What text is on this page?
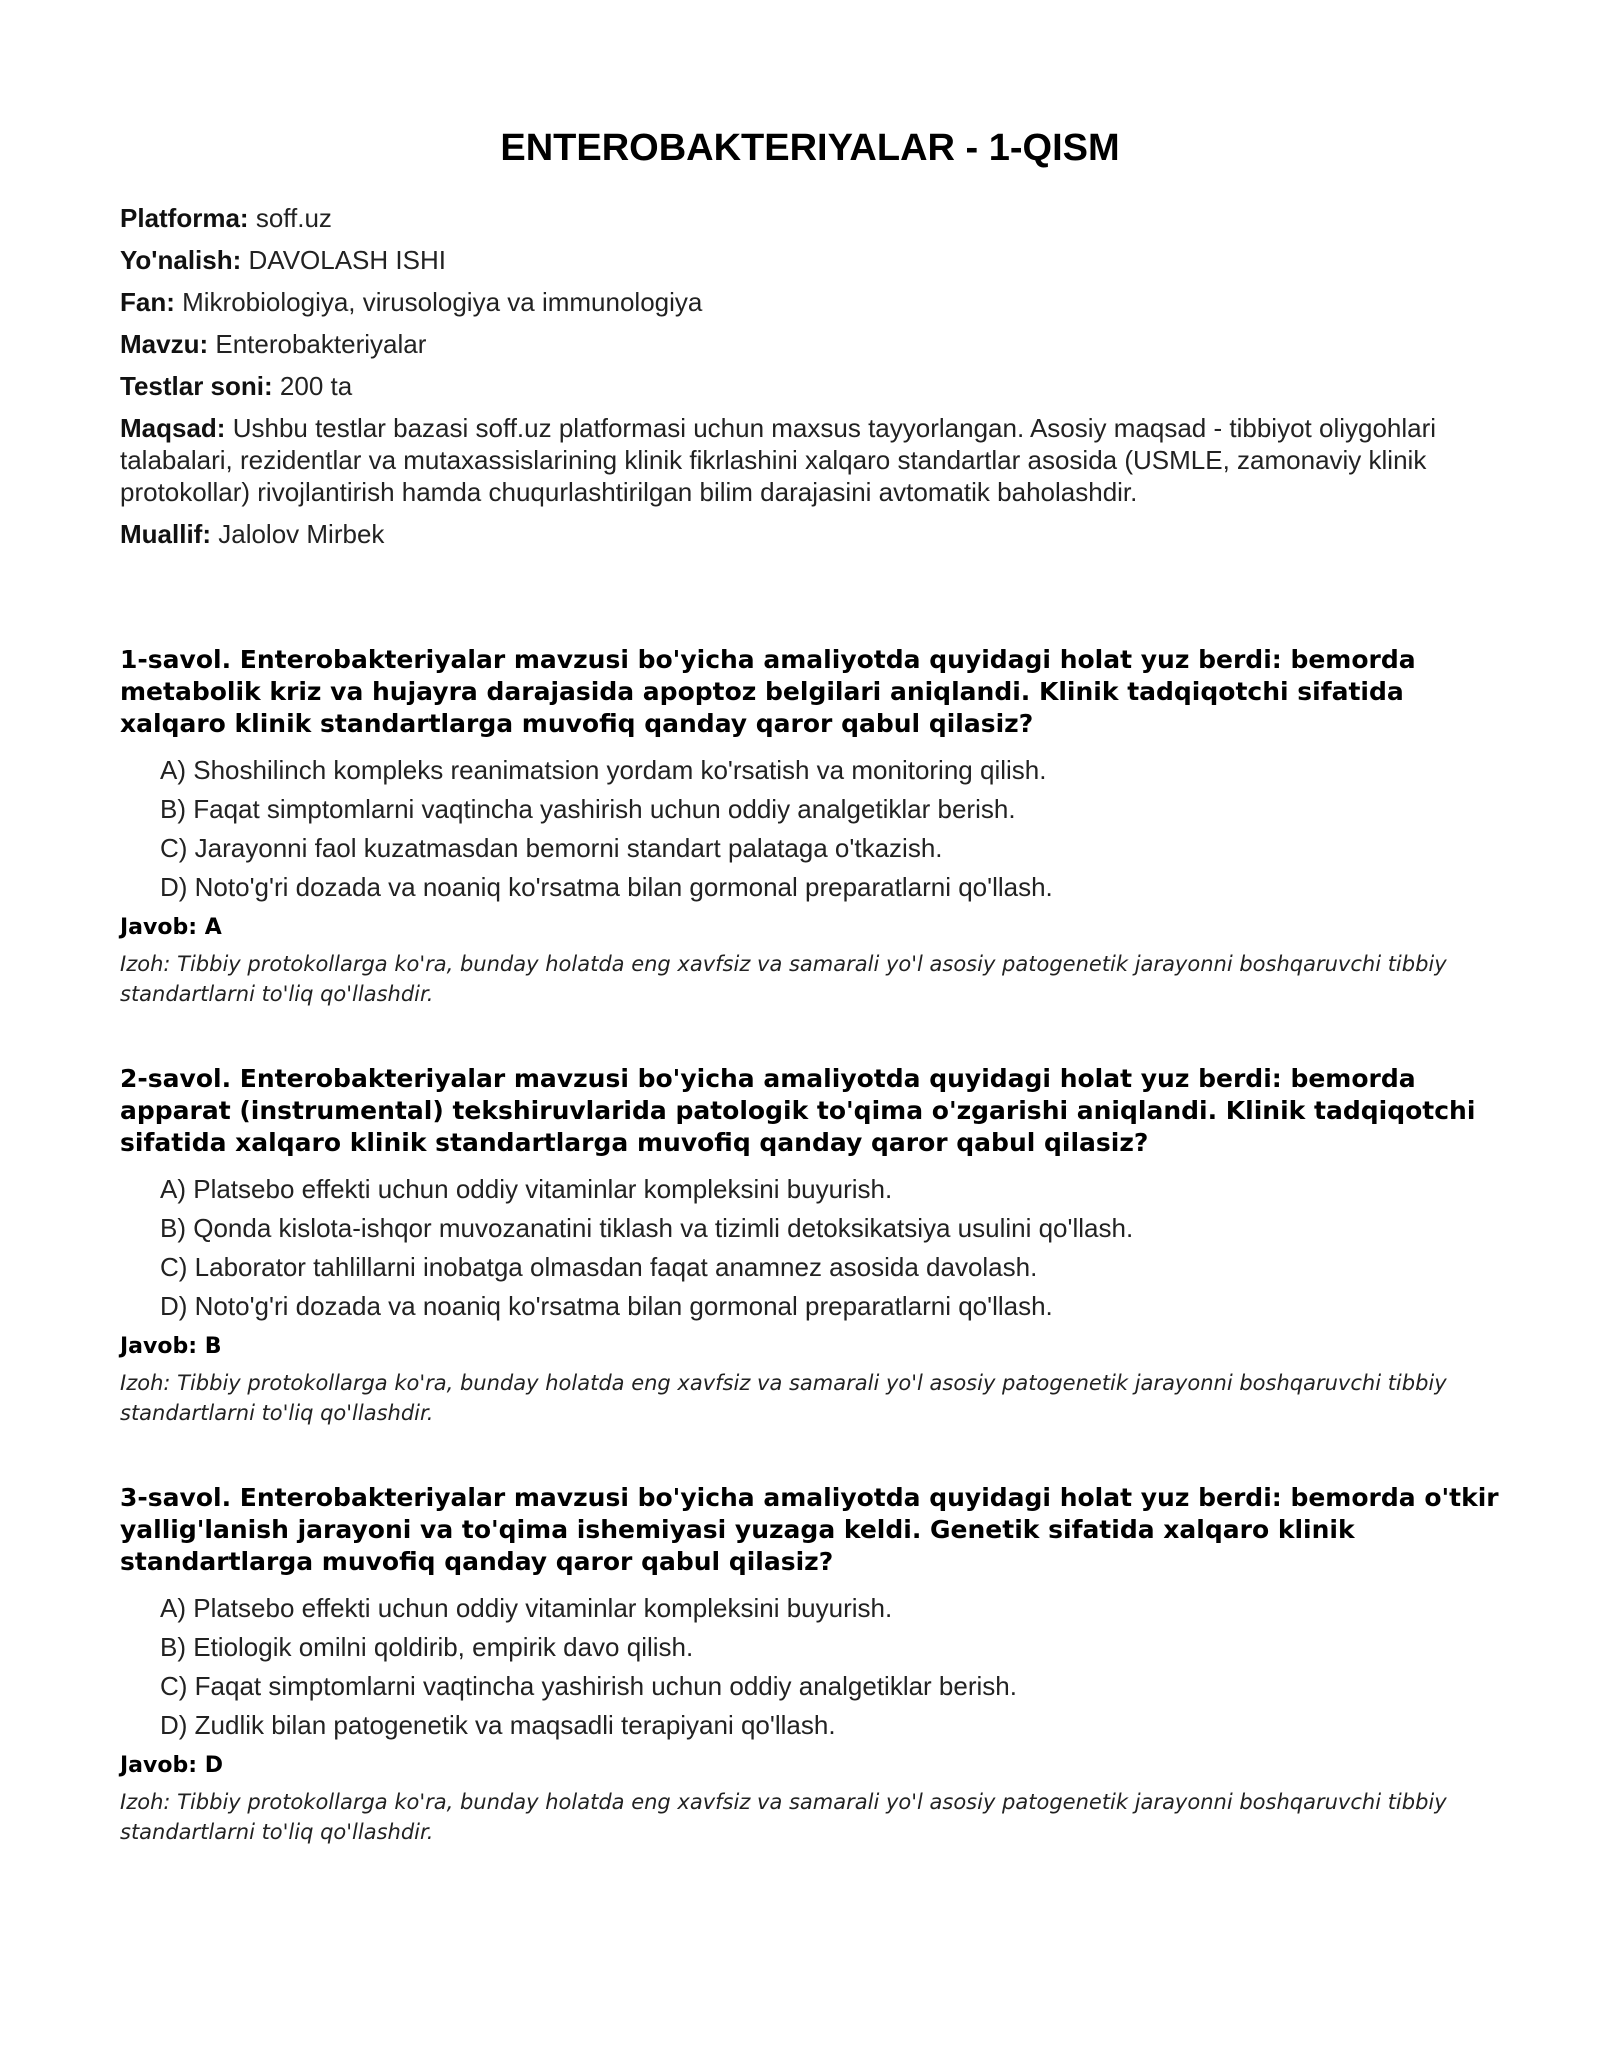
ENTEROBAKTERIYALAR - 1-QISM

Platforma: soff.uz

Yo'nalish: DAVOLASH ISHI

Fan: Mikrobiologiya, virusologiya va immunologiya

Mavzu: Enterobakteriyalar

Testlar soni: 200 ta

Maqsad: Ushbu testlar bazasi soff.uz platformasi uchun maxsus tayyorlangan. Asosiy maqsad - tibbiyot oliygohlari talabalari, rezidentlar va mutaxassislarining klinik fikrlashini xalqaro standartlar asosida (USMLE, zamonaviy klinik protokollar) rivojlantirish hamda chuqurlashtirilgan bilim darajasini avtomatik baholashdir.

Muallif: Jalolov Mirbek

1-savol. Enterobakteriyalar mavzusi bo'yicha amaliyotda quyidagi holat yuz berdi: bemorda metabolik kriz va hujayra darajasida apoptoz belgilari aniqlandi. Klinik tadqiqotchi sifatida xalqaro klinik standartlarga muvofiq qanday qaror qabul qilasiz?

A) Shoshilinch kompleks reanimatsion yordam ko'rsatish va monitoring qilish.
B) Faqat simptomlarni vaqtincha yashirish uchun oddiy analgetiklar berish.
C) Jarayonni faol kuzatmasdan bemorni standart palataga o'tkazish.
D) Noto'g'ri dozada va noaniq ko'rsatma bilan gormonal preparatlarni qo'llash.

Javob: A

Izoh: Tibbiy protokollarga ko'ra, bunday holatda eng xavfsiz va samarali yo'l asosiy patogenetik jarayonni boshqaruvchi tibbiy standartlarni to'liq qo'llashdir.

2-savol. Enterobakteriyalar mavzusi bo'yicha amaliyotda quyidagi holat yuz berdi: bemorda apparat (instrumental) tekshiruvlarida patologik to'qima o'zgarishi aniqlandi. Klinik tadqiqotchi sifatida xalqaro klinik standartlarga muvofiq qanday qaror qabul qilasiz?

A) Platsebo effekti uchun oddiy vitaminlar kompleksini buyurish.
B) Qonda kislota-ishqor muvozanatini tiklash va tizimli detoksikatsiya usulini qo'llash.
C) Laborator tahlillarni inobatga olmasdan faqat anamnez asosida davolash.
D) Noto'g'ri dozada va noaniq ko'rsatma bilan gormonal preparatlarni qo'llash.

Javob: B

Izoh: Tibbiy protokollarga ko'ra, bunday holatda eng xavfsiz va samarali yo'l asosiy patogenetik jarayonni boshqaruvchi tibbiy standartlarni to'liq qo'llashdir.

3-savol. Enterobakteriyalar mavzusi bo'yicha amaliyotda quyidagi holat yuz berdi: bemorda o'tkir yallig'lanish jarayoni va to'qima ishemiyasi yuzaga keldi. Genetik sifatida xalqaro klinik standartlarga muvofiq qanday qaror qabul qilasiz?

A) Platsebo effekti uchun oddiy vitaminlar kompleksini buyurish.
B) Etiologik omilni qoldirib, empirik davo qilish.
C) Faqat simptomlarni vaqtincha yashirish uchun oddiy analgetiklar berish.
D) Zudlik bilan patogenetik va maqsadli terapiyani qo'llash.

Javob: D

Izoh: Tibbiy protokollarga ko'ra, bunday holatda eng xavfsiz va samarali yo'l asosiy patogenetik jarayonni boshqaruvchi tibbiy standartlarni to'liq qo'llashdir.
